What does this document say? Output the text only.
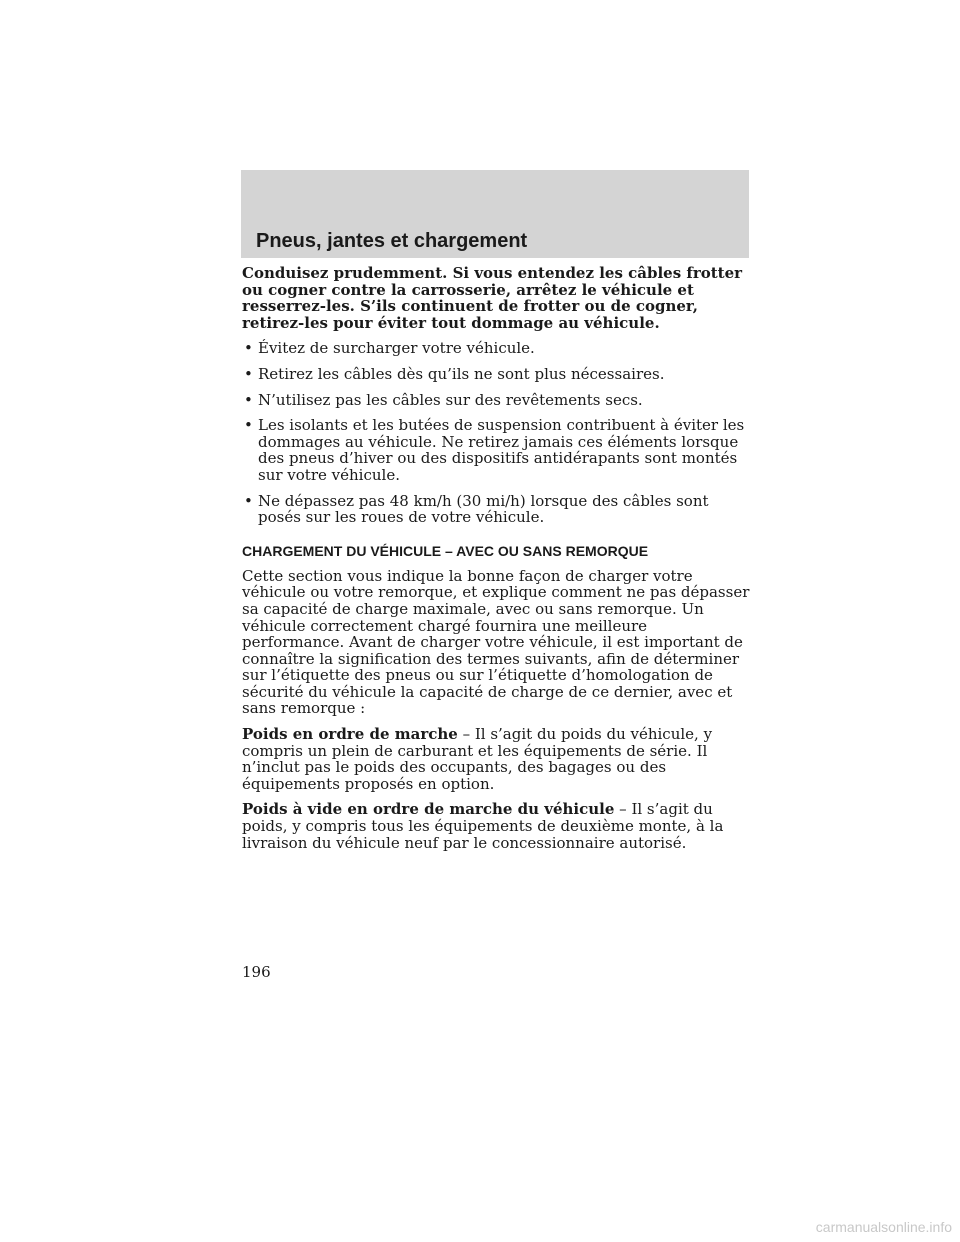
Pneus, jantes et chargement

Conduisez prudemment. Si vous entendez les câbles frotter ou cogner contre la carrosserie, arrêtez le véhicule et resserrez-les. S’ils continuent de frotter ou de cogner, retirez-les pour éviter tout dommage au véhicule.

• Évitez de surcharger votre véhicule.
• Retirez les câbles dès qu’ils ne sont plus nécessaires.
• N’utilisez pas les câbles sur des revêtements secs.
• Les isolants et les butées de suspension contribuent à éviter les dommages au véhicule. Ne retirez jamais ces éléments lorsque des pneus d’hiver ou des dispositifs antidérapants sont montés sur votre véhicule.
• Ne dépassez pas 48 km/h (30 mi/h) lorsque des câbles sont posés sur les roues de votre véhicule.
CHARGEMENT DU VÉHICULE – AVEC OU SANS REMORQUE

Cette section vous indique la bonne façon de charger votre véhicule ou votre remorque, et explique comment ne pas dépasser sa capacité de charge maximale, avec ou sans remorque. Un véhicule correctement chargé fournira une meilleure performance. Avant de charger votre véhicule, il est important de connaître la signification des termes suivants, afin de déterminer sur l’étiquette des pneus ou sur l’étiquette d’homologation de sécurité du véhicule la capacité de charge de ce dernier, avec et sans remorque :

Poids en ordre de marche – Il s’agit du poids du véhicule, y compris un plein de carburant et les équipements de série. Il n’inclut pas le poids des occupants, des bagages ou des équipements proposés en option.

Poids à vide en ordre de marche du véhicule – Il s’agit du poids, y compris tous les équipements de deuxième monte, à la livraison du véhicule neuf par le concessionnaire autorisé.

196
carmanualsonline.info
